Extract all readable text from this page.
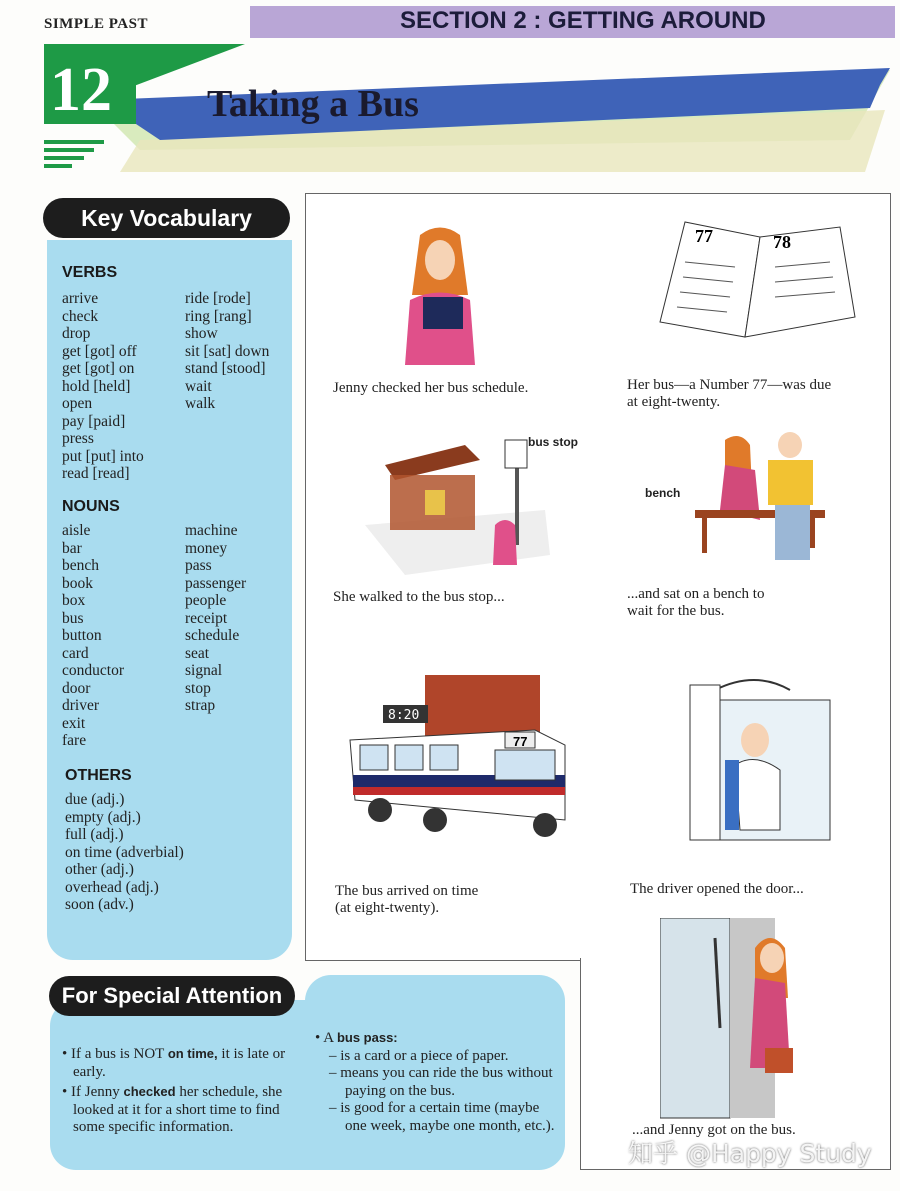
SIMPLE PAST	SECTION 2 : GETTING AROUND
12	Taking a Bus
Key Vocabulary
VERBS
arrive
check
drop
get [got] off
get [got] on
hold [held]
open
pay [paid]
press
put [put] into
read [read]
ride [rode]
ring [rang]
show
sit [sat] down
stand [stood]
wait
walk
NOUNS
aisle
bar
bench
book
box
bus
button
card
conductor
door
driver
exit
fare
machine
money
pass
passenger
people
receipt
schedule
seat
signal
stop
strap
OTHERS
due (adj.)
empty (adj.)
full (adj.)
on time (adverbial)
other (adj.)
overhead (adj.)
soon (adv.)
77	78
Jenny checked her bus schedule.	Her bus—a Number 77—was due
at eight-twenty.
bus stop
bench
She walked to the bus stop...	...and sat on a bench to
wait for the bus.
8:20
77
The bus arrived on time
(at eight-twenty).
The driver opened the door...
...and Jenny got on the bus.
For Special Attention
• If a bus is NOT on time, it is late or early.
• If Jenny checked her schedule, she looked at it for a short time to find some specific information.
• A bus pass:
– is a card or a piece of paper.
– means you can ride the bus without paying on the bus.
– is good for a certain time (maybe one week, maybe one month, etc.).
知乎 @Happy Study
